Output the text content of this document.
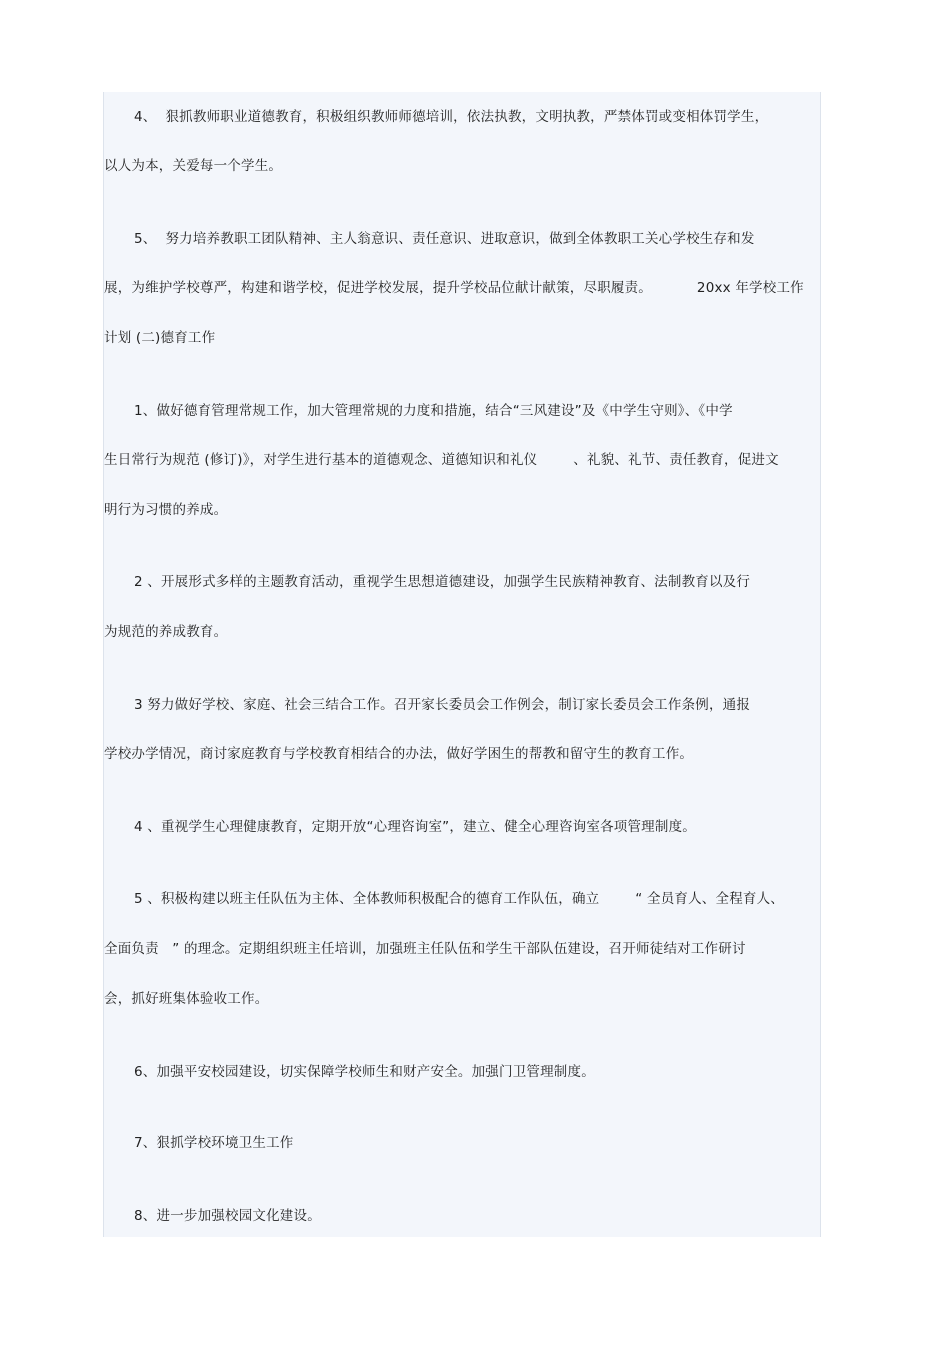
4、  狠抓教师职业道德教育，积极组织教师师德培训，依法执教，文明执教，严禁体罚或变相体罚学生，
以人为本，关爱每一个学生。
5、  努力培养教职工团队精神、主人翁意识、责任意识、进取意识，做到全体教职工关心学校生存和发
展，为维护学校尊严，构建和谐学校，促进学校发展，提升学校品位献计献策，尽职履责。          20xx 年学校工作
计划 (二)德育工作
1、做好德育管理常规工作，加大管理常规的力度和措施，结合“三风建设”及《中学生守则》、《中学
生日常行为规范 (修订)》，对学生进行基本的道德观念、道德知识和礼仪        、礼貌、礼节、责任教育，促进文
明行为习惯的养成。
2 、开展形式多样的主题教育活动，重视学生思想道德建设，加强学生民族精神教育、法制教育以及行
为规范的养成教育。
3 努力做好学校、家庭、社会三结合工作。召开家长委员会工作例会，制订家长委员会工作条例，通报
学校办学情况，商讨家庭教育与学校教育相结合的办法，做好学困生的帮教和留守生的教育工作。
4 、重视学生心理健康教育，定期开放“心理咨询室”，建立、健全心理咨询室各项管理制度。
5 、积极构建以班主任队伍为主体、全体教师积极配合的德育工作队伍，确立        “ 全员育人、全程育人、
全面负责   ” 的理念。定期组织班主任培训，加强班主任队伍和学生干部队伍建设，召开师徒结对工作研讨
会，抓好班集体验收工作。
6、加强平安校园建设，切实保障学校师生和财产安全。加强门卫管理制度。
7、狠抓学校环境卫生工作
8、进一步加强校园文化建设。
